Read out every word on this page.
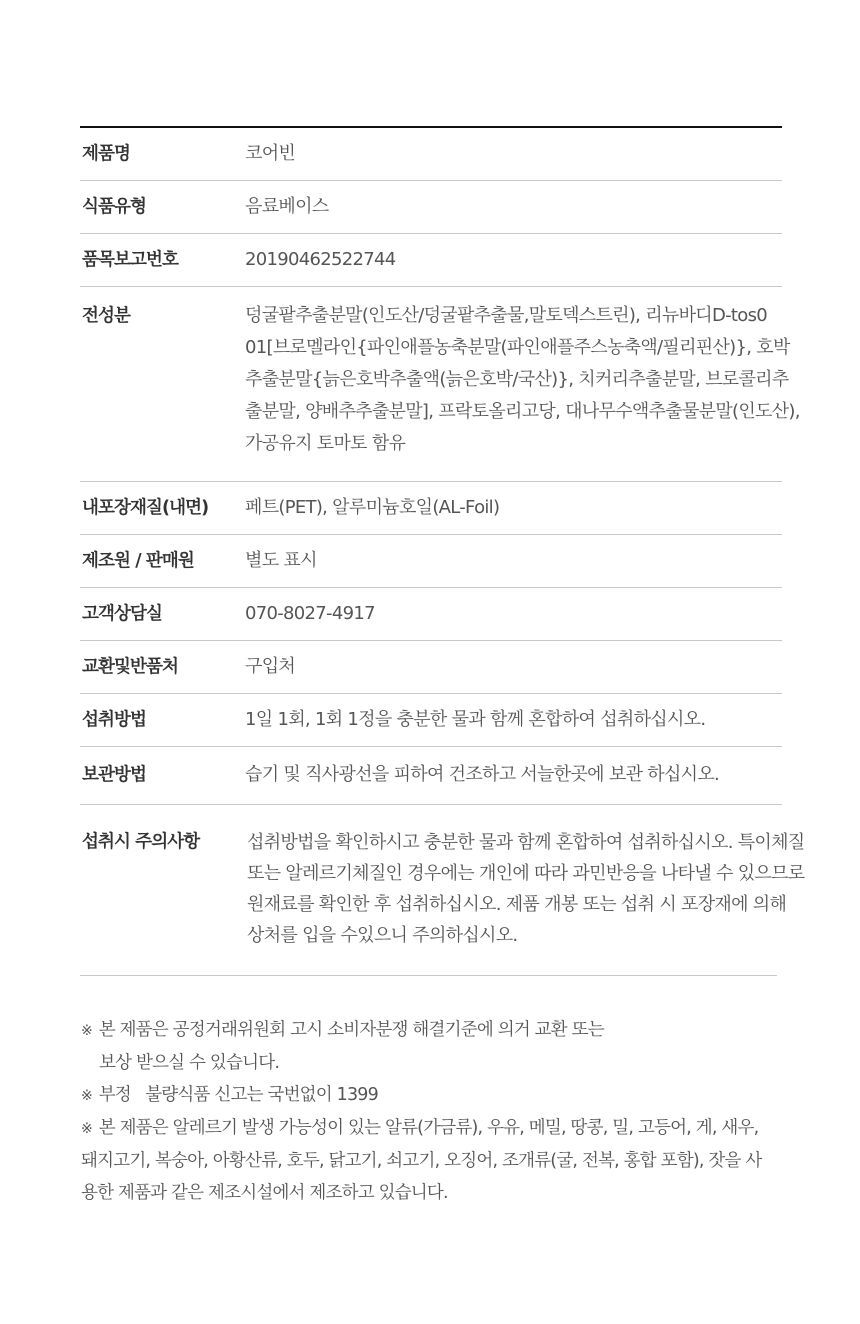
제품명	코어빈
식품유형	음료베이스
품목보고번호	20190462522744
전성분	덩굴팥추출분말(인도산/덩굴팥추출물,말토덱스트린), 리뉴바디D-tos0
01[브로멜라인{파인애플농축분말(파인애플주스농축액/필리핀산)}, 호박
추출분말{늙은호박추출액(늙은호박/국산)}, 치커리추출분말, 브로콜리추
출분말, 양배추추출분말], 프락토올리고당, 대나무수액추출물분말(인도산),
가공유지 토마토 함유
내포장재질(내면)	페트(PET), 알루미늄호일(AL-Foil)
제조원 / 판매원	별도 표시
고객상담실	070-8027-4917
교환및반품처	구입처
섭취방법	1일 1회, 1회 1정을 충분한 물과 함께 혼합하여 섭취하십시오.
보관방법	습기 및 직사광선을 피하여 건조하고 서늘한곳에 보관 하십시오.
섭취시 주의사항	섭취방법을 확인하시고 충분한 물과 함께 혼합하여 섭취하십시오. 특이체질
또는 알레르기체질인 경우에는 개인에 따라 과민반응을 나타낼 수 있으므로
원재료를 확인한 후 섭취하십시오. 제품 개봉 또는 섭취 시 포장재에 의해
상처를 입을 수있으니 주의하십시오.
※ 본 제품은 공정거래위원회 고시 소비자분쟁 해결기준에 의거 교환 또는
보상 받으실 수 있습니다.
※ 부정   불량식품 신고는 국번없이 1399
※ 본 제품은 알레르기 발생 가능성이 있는 알류(가금류), 우유, 메밀, 땅콩, 밀, 고등어, 게, 새우,
돼지고기, 복숭아, 아황산류, 호두, 닭고기, 쇠고기, 오징어, 조개류(굴, 전복, 홍합 포함), 잣을 사
용한 제품과 같은 제조시설에서 제조하고 있습니다.
